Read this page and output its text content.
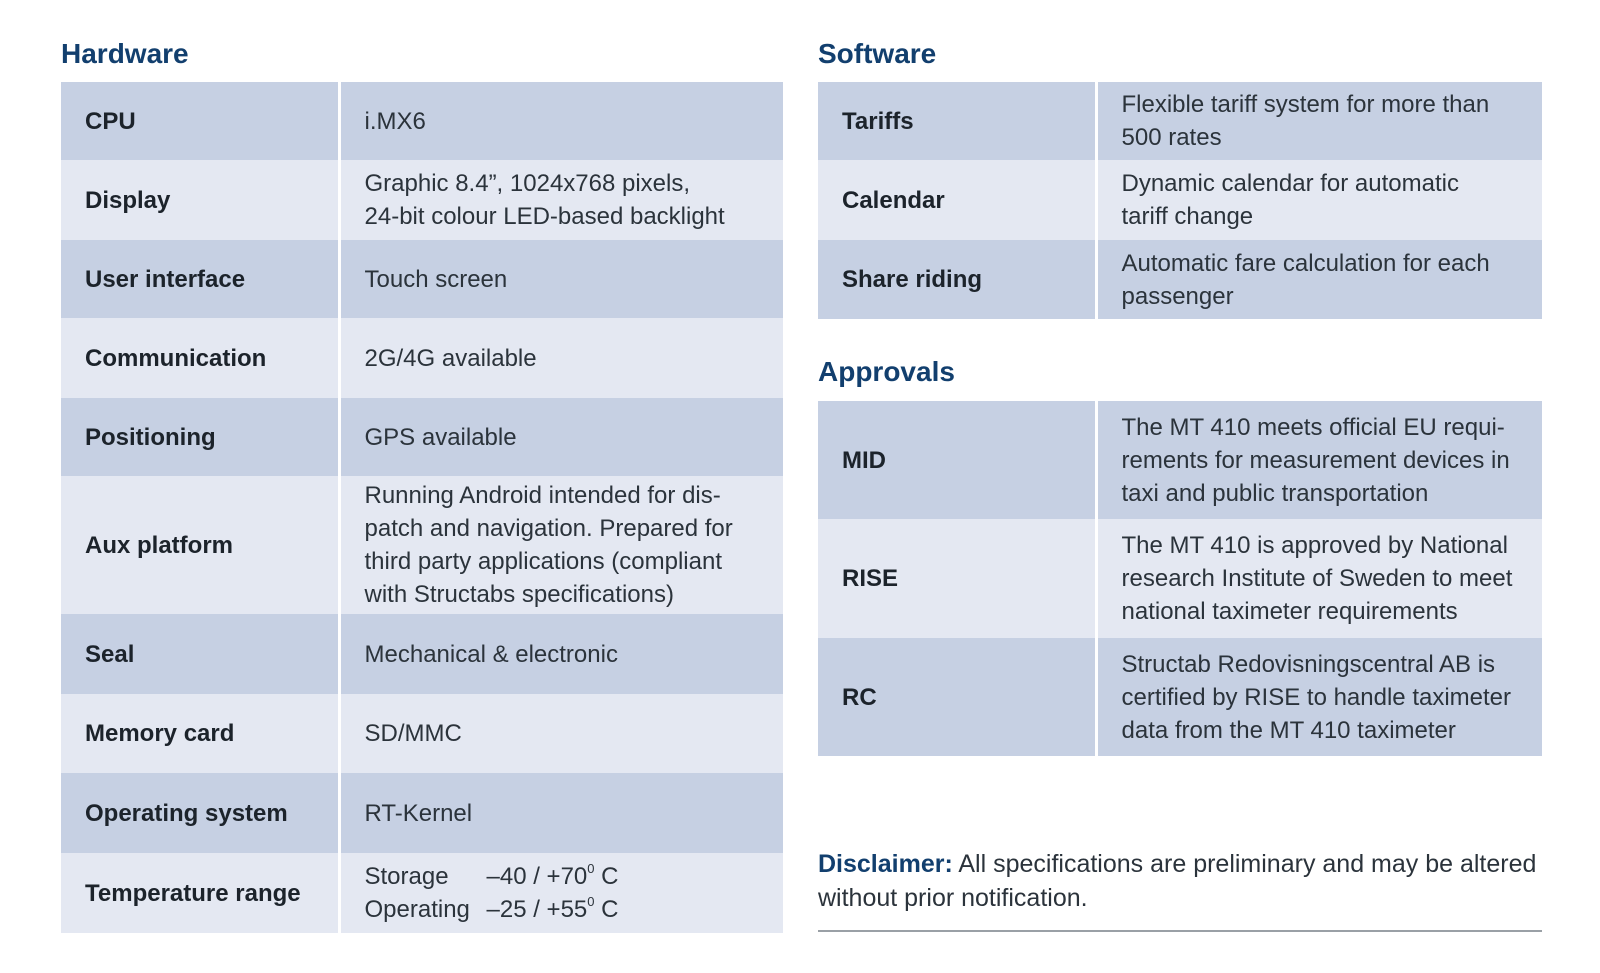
Hardware
CPU	i.MX6

Display	Graphic 8.4”, 1024x768 pixels,
24-bit colour LED-based backlight

User interface	Touch screen

Communication	2G/4G available

Positioning	GPS available

Aux platform	Running Android intended for dis-
patch and navigation. Prepared for
third party applications (compliant
with Structabs specifications)

Seal	Mechanical & electronic

Memory card	SD/MMC

Operating system	RT-Kernel

Temperature range	Storage $-40 / +70^0$ C
Operating $-25 / +55^0$ C
Software
Tariffs	Flexible tariff system for more than
500 rates

Calendar	Dynamic calendar for automatic
tariff change

Share riding	Automatic fare calculation for each
passenger
Approvals
MID	The MT 410 meets official EU requi-
rements for measurement devices in
taxi and public transportation

RISE	The MT 410 is approved by National
research Institute of Sweden to meet
national taximeter requirements

RC	Structab Redovisningscentral AB is
certified by RISE to handle taximeter
data from the MT 410 taximeter

Disclaimer: All specifications are preliminary and may be altered without prior notification.
